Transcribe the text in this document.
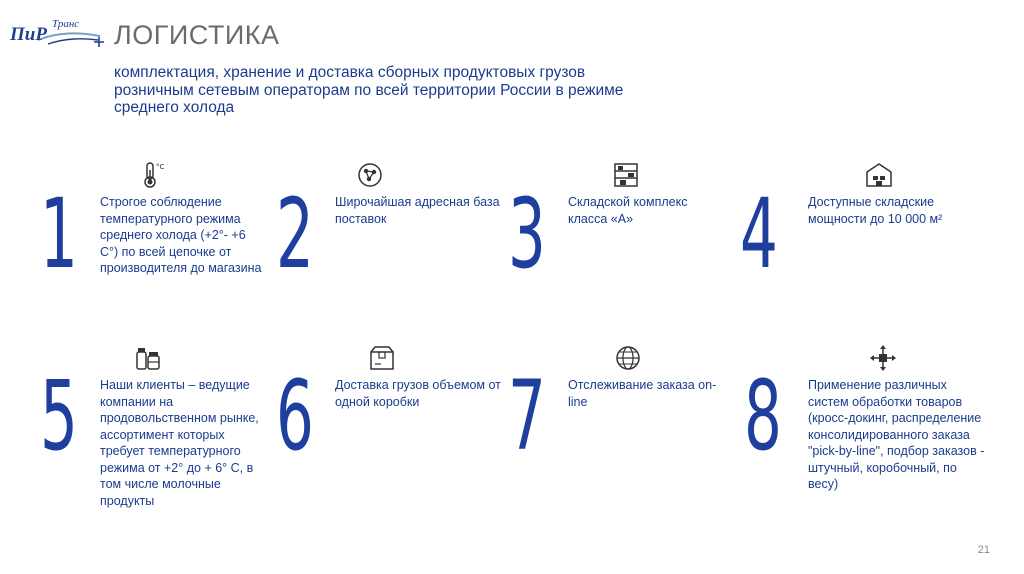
ПиР Транс ЛОГИСТИКА
комплектация, хранение и доставка сборных продуктовых грузов розничным сетевым операторам по всей территории России в режиме среднего холода
1
°C
Строгое соблюдение температурного режима среднего холода (+2°- +6 С°) по всей цепочке от производителя до магазина 2 Широчайшая адресная база поставок	3 Складской комплекс класса «А»	4 Доступные складские мощности до 10 000 м²
5 Наши клиенты – ведущие компании на продовольственном рынке, ассортимент которых требует температурного режима от +2° до + 6° С, в том числе молочные продукты
6 Доставка грузов объемом от одной коробки 7 Отслеживание заказа on-line	8 Применение различных систем обработки товаров (кросс-докинг, распределение консолидированного заказа "pick-by-line", подбор заказов - штучный, коробочный, по весу)
21
